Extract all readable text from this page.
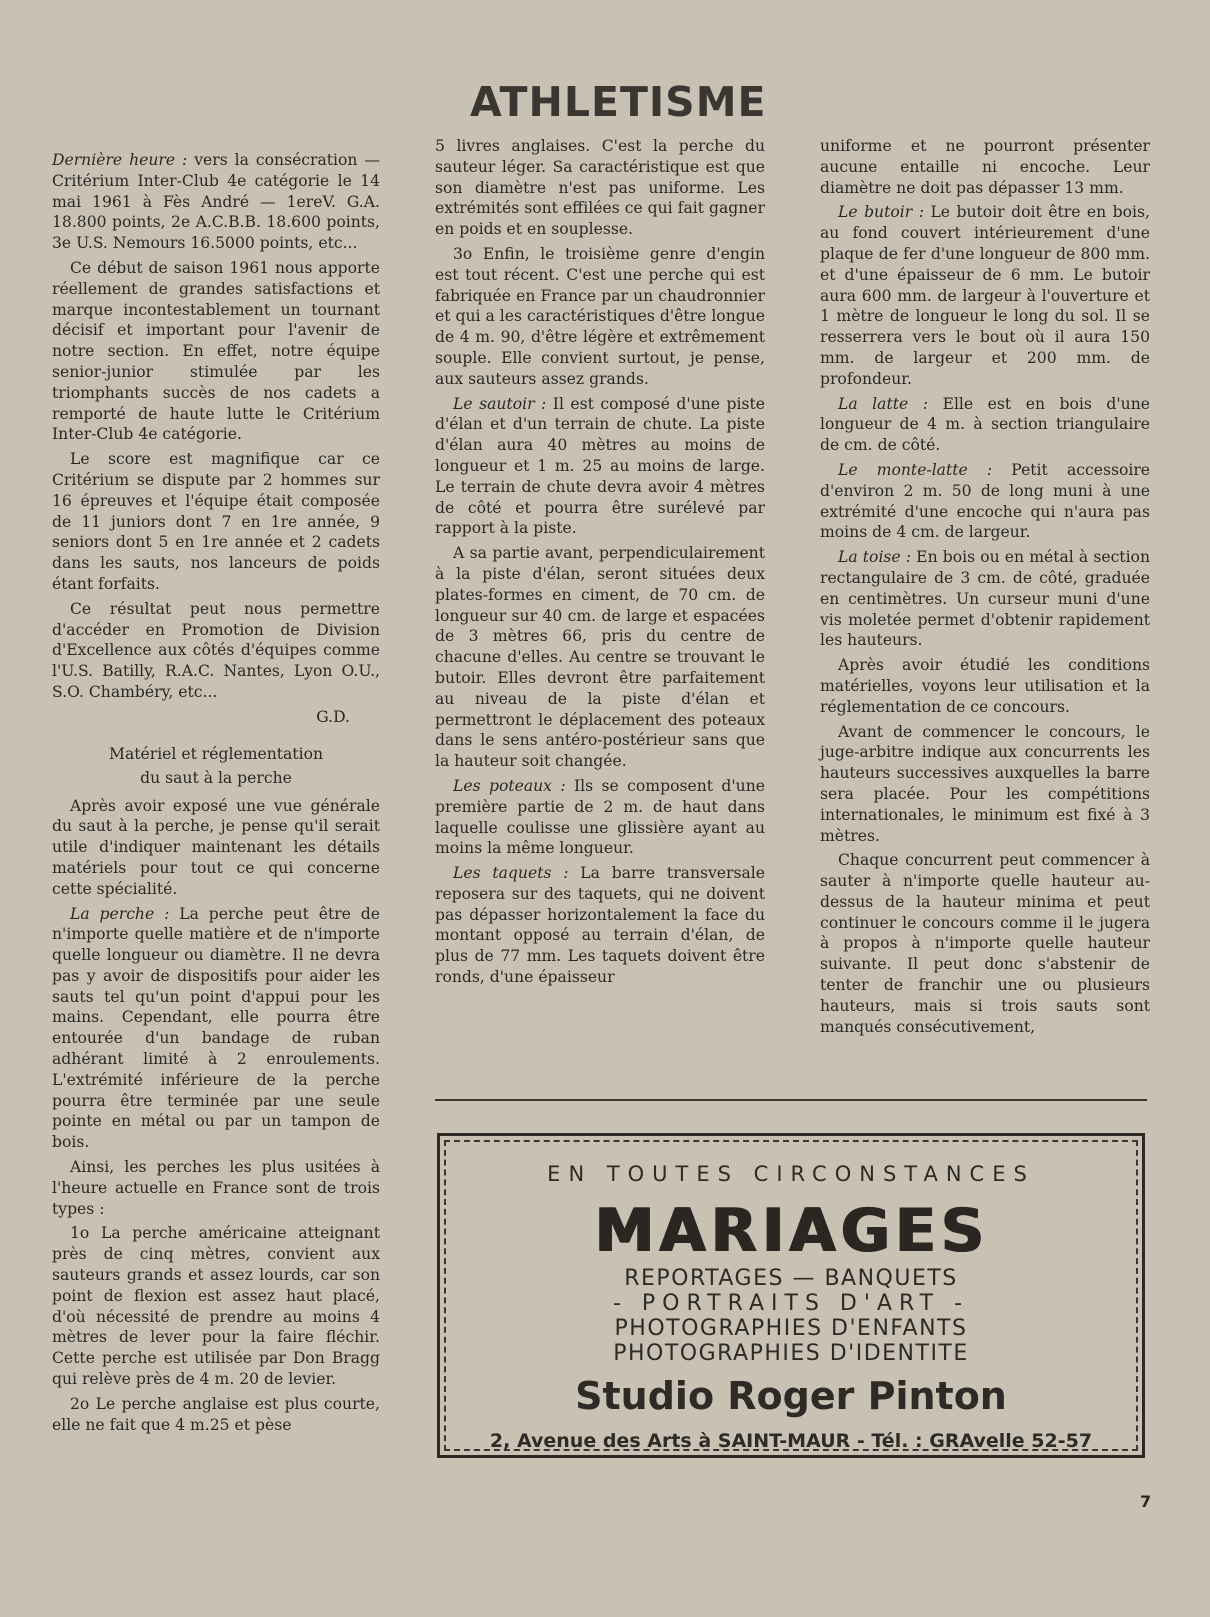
ATHLETISME

Dernière heure : vers la consécration — Critérium Inter-Club 4e catégorie le 14 mai 1961 à Fès André — 1ereV. G.A. 18.800 points, 2e A.C.B.B. 18.600 points, 3e U.S. Nemours 16.5000 points, etc...

Ce début de saison 1961 nous apporte réellement de grandes satisfactions et marque incontestablement un tournant décisif et important pour l'avenir de notre section. En effet, notre équipe senior-junior stimulée par les triomphants succès de nos cadets a remporté de haute lutte le Critérium Inter-Club 4e catégorie.

Le score est magnifique car ce Critérium se dispute par 2 hommes sur 16 épreuves et l'équipe était composée de 11 juniors dont 7 en 1re année, 9 seniors dont 5 en 1re année et 2 cadets dans les sauts, nos lanceurs de poids étant forfaits.

Ce résultat peut nous permettre d'accéder en Promotion de Division d'Excellence aux côtés d'équipes comme l'U.S. Batilly, R.A.C. Nantes, Lyon O.U., S.O. Chambéry, etc...

G.D.

Matériel et réglementation
du saut à la perche

Après avoir exposé une vue générale du saut à la perche, je pense qu'il serait utile d'indiquer maintenant les détails matériels pour tout ce qui concerne cette spécialité.

La perche : La perche peut être de n'importe quelle matière et de n'importe quelle longueur ou diamètre. Il ne devra pas y avoir de dispositifs pour aider les sauts tel qu'un point d'appui pour les mains. Cependant, elle pourra être entourée d'un bandage de ruban adhérant limité à 2 enroulements. L'extrémité inférieure de la perche pourra être terminée par une seule pointe en métal ou par un tampon de bois.

Ainsi, les perches les plus usitées à l'heure actuelle en France sont de trois types :

1o La perche américaine atteignant près de cinq mètres, convient aux sauteurs grands et assez lourds, car son point de flexion est assez haut placé, d'où nécessité de prendre au moins 4 mètres de lever pour la faire fléchir. Cette perche est utilisée par Don Bragg qui relève près de 4 m. 20 de levier.

2o Le perche anglaise est plus courte, elle ne fait que 4 m.25 et pèse

5 livres anglaises. C'est la perche du sauteur léger. Sa caractéristique est que son diamètre n'est pas uniforme. Les extrémités sont effilées ce qui fait gagner en poids et en souplesse.

3o Enfin, le troisième genre d'engin est tout récent. C'est une perche qui est fabriquée en France par un chaudronnier et qui a les caractéristiques d'être longue de 4 m. 90, d'être légère et extrêmement souple. Elle convient surtout, je pense, aux sauteurs assez grands.

Le sautoir : Il est composé d'une piste d'élan et d'un terrain de chute. La piste d'élan aura 40 mètres au moins de longueur et 1 m. 25 au moins de large. Le terrain de chute devra avoir 4 mètres de côté et pourra être surélevé par rapport à la piste.

A sa partie avant, perpendiculairement à la piste d'élan, seront situées deux plates-formes en ciment, de 70 cm. de longueur sur 40 cm. de large et espacées de 3 mètres 66, pris du centre de chacune d'elles. Au centre se trouvant le butoir. Elles devront être parfaitement au niveau de la piste d'élan et permettront le déplacement des poteaux dans le sens antéro-postérieur sans que la hauteur soit changée.

Les poteaux : Ils se composent d'une première partie de 2 m. de haut dans laquelle coulisse une glissière ayant au moins la même longueur.

Les taquets : La barre transversale reposera sur des taquets, qui ne doivent pas dépasser horizontalement la face du montant opposé au terrain d'élan, de plus de 77 mm. Les taquets doivent être ronds, d'une épaisseur

uniforme et ne pourront présenter aucune entaille ni encoche. Leur diamètre ne doit pas dépasser 13 mm.

Le butoir : Le butoir doit être en bois, au fond couvert intérieurement d'une plaque de fer d'une longueur de 800 mm. et d'une épaisseur de 6 mm. Le butoir aura 600 mm. de largeur à l'ouverture et 1 mètre de longueur le long du sol. Il se resserrera vers le bout où il aura 150 mm. de largeur et 200 mm. de profondeur.

La latte : Elle est en bois d'une longueur de 4 m. à section triangulaire de cm. de côté.

Le monte-latte : Petit accessoire d'environ 2 m. 50 de long muni à une extrémité d'une encoche qui n'aura pas moins de 4 cm. de largeur.

La toise : En bois ou en métal à section rectangulaire de 3 cm. de côté, graduée en centimètres. Un curseur muni d'une vis moletée permet d'obtenir rapidement les hauteurs.

Après avoir étudié les conditions matérielles, voyons leur utilisation et la réglementation de ce concours.

Avant de commencer le concours, le juge-arbitre indique aux concurrents les hauteurs successives auxquelles la barre sera placée. Pour les compétitions internationales, le minimum est fixé à 3 mètres.

Chaque concurrent peut commencer à sauter à n'importe quelle hauteur au-dessus de la hauteur minima et peut continuer le concours comme il le jugera à propos à n'importe quelle hauteur suivante. Il peut donc s'abstenir de tenter de franchir une ou plusieurs hauteurs, mais si trois sauts sont manqués consécutivement,

EN TOUTES CIRCONSTANCES
MARIAGES
REPORTAGES — BANQUETS
- PORTRAITS D'ART -
PHOTOGRAPHIES D'ENFANTS
PHOTOGRAPHIES D'IDENTITE
Studio Roger Pinton
2, Avenue des Arts à SAINT-MAUR - Tél. : GRAvelle 52-57
7
